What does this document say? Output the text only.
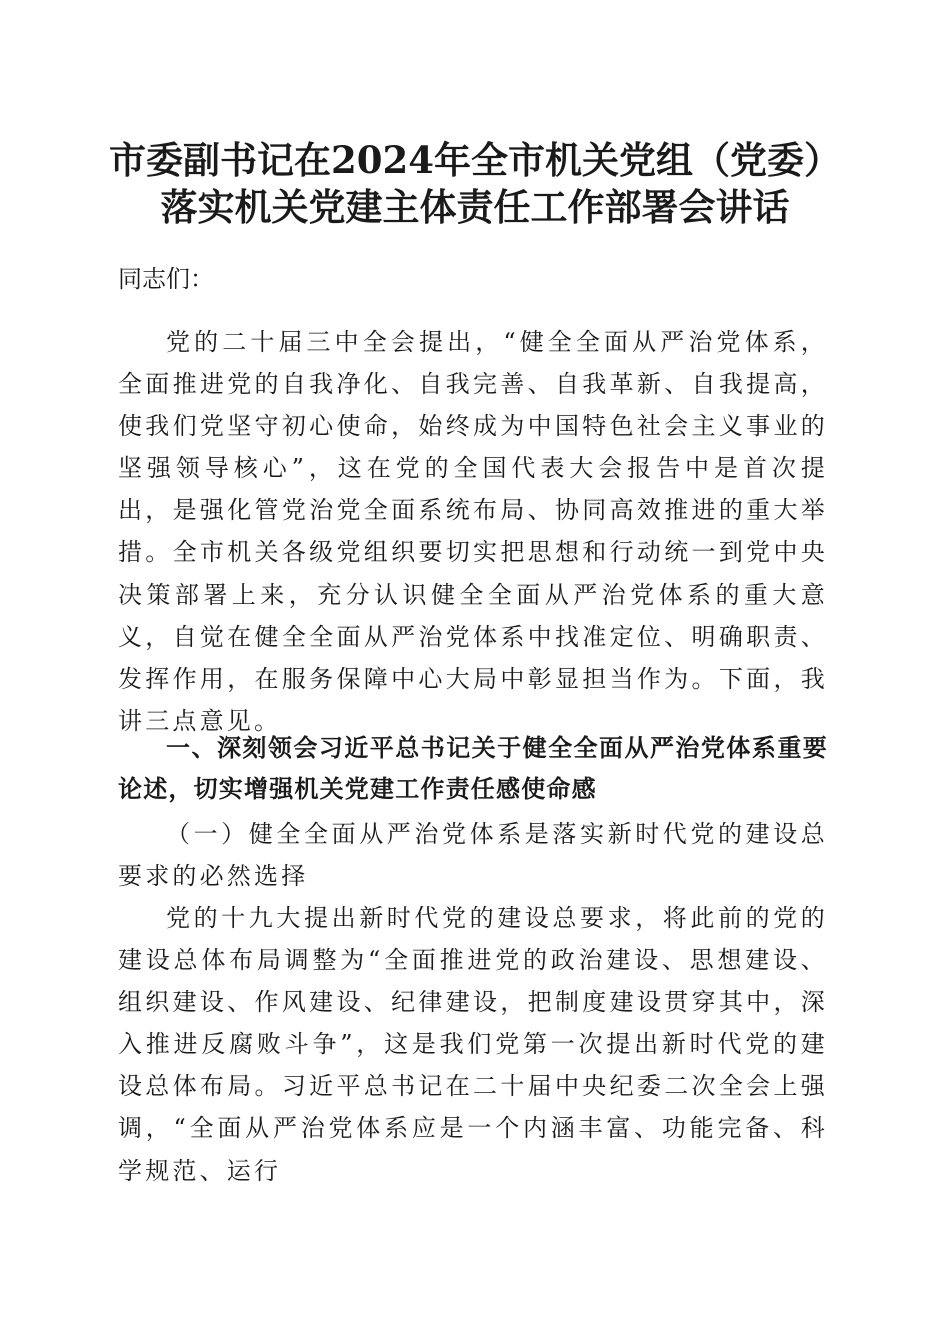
市委副书记在2024年全市机关党组（党委）
落实机关党建主体责任工作部署会讲话

同志们：

党的二十届三中全会提出，“健全全面从严治党体系，全面推进党的自我净化、自我完善、自我革新、自我提高，使我们党坚守初心使命，始终成为中国特色社会主义事业的坚强领导核心”，这在党的全国代表大会报告中是首次提出，是强化管党治党全面系统布局、协同高效推进的重大举措。全市机关各级党组织要切实把思想和行动统一到党中央决策部署上来，充分认识健全全面从严治党体系的重大意义，自觉在健全全面从严治党体系中找准定位、明确职责、发挥作用，在服务保障中心大局中彰显担当作为。下面，我讲三点意见。

一、深刻领会习近平总书记关于健全全面从严治党体系重要论述，切实增强机关党建工作责任感使命感

（一）健全全面从严治党体系是落实新时代党的建设总要求的必然选择

党的十九大提出新时代党的建设总要求，将此前的党的建设总体布局调整为“全面推进党的政治建设、思想建设、组织建设、作风建设、纪律建设，把制度建设贯穿其中，深入推进反腐败斗争”，这是我们党第一次提出新时代党的建设总体布局。习近平总书记在二十届中央纪委二次全会上强调，“全面从严治党体系应是一个内涵丰富、功能完备、科学规范、运行
